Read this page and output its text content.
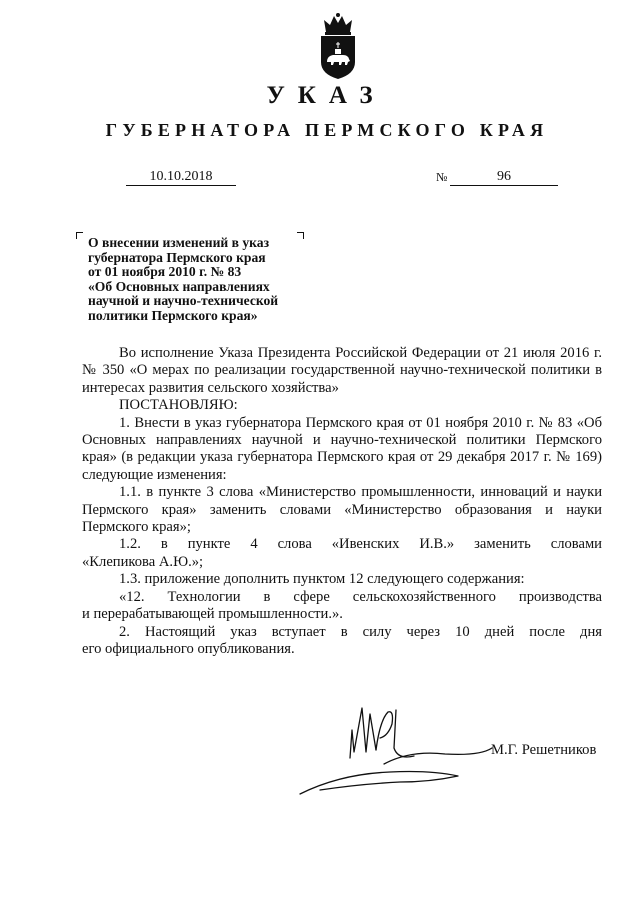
УКАЗ
ГУБЕРНАТОРА ПЕРМСКОГО КРАЯ
10.10.2018	№	96
О внесении изменений в указ
губернатора Пермского края
от 01 ноября 2010 г. № 83
«Об Основных направлениях
научной и научно-технической
политики Пермского края»
Во исполнение Указа Президента Российской Федерации от 21 июля 2016 г. № 350 «О мерах по реализации государственной научно-технической политики в интересах развития сельского хозяйства»
ПОСТАНОВЛЯЮ:
1. Внести в указ губернатора Пермского края от 01 ноября 2010 г. № 83 «Об Основных направлениях научной и научно-технической политики Пермского края» (в редакции указа губернатора Пермского края от 29 декабря 2017 г. № 169) следующие изменения:
1.1. в пункте 3 слова «Министерство промышленности, инноваций и науки Пермского края» заменить словами «Министерство образования и науки Пермского края»;
1.2. в пункте 4 слова «Ивенских И.В.» заменить словами
«Клепикова А.Ю.»;
1.3. приложение дополнить пунктом 12 следующего содержания:
«12. Технологии в сфере сельскохозяйственного производства
и перерабатывающей промышленности.».
2. Настоящий указ вступает в силу через 10 дней после дня
его официального опубликования.
М.Г. Решетников
